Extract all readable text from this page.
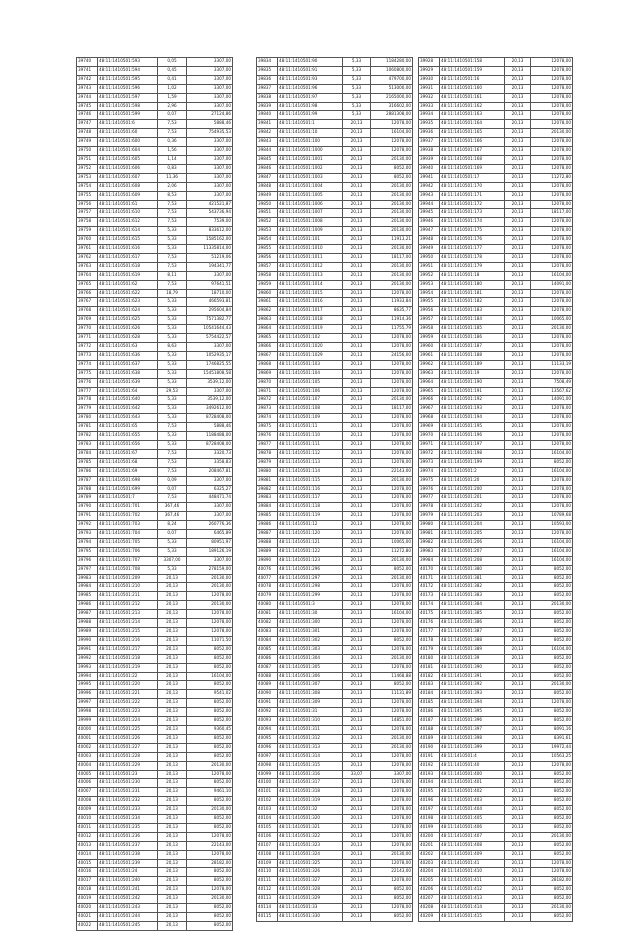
39740	48:11:1410501:593	0,05	3307,00
39741	48:11:1410501:594	0,45	3307,00
39742	48:11:1410501:595	0,41	3307,00
39743	48:11:1410501:596	1,02	3307,00
39744	48:11:1410501:597	1,59	3307,00
39745	48:11:1410501:598	2,96	3307,00
39746	48:11:1410501:599	0,07	27124,86
39747	48:11:1410501:6	7,53	5888,46
39748	48:11:1410501:60	7,53	754935,53
39749	48:11:1410501:600	0,36	3307,00
39750	48:11:1410501:604	1,56	3307,00
39751	48:11:1410501:605	1,14	3307,00
39752	48:11:1410501:606	0,83	3307,00
39753	48:11:1410501:607	11,36	3307,00
39754	48:11:1410501:608	2,06	3307,00
39755	48:11:1410501:609	8,53	3307,00
39756	48:11:1410501:61	7,53	421521,87
39757	48:11:1410501:610	7,53	543736,94
39758	48:11:1410501:612	7,53	7539,00
39759	48:11:1410501:614	5,33	833612,00
39760	48:11:1410501:615	5,33	1585162,00
39761	48:11:1410501:616	5,33	11335814,00
39762	48:11:1410501:617	7,53	51219,06
39763	48:11:1410501:618	7,53	194341,77
39764	48:11:1410501:619	8,11	3307,00
39765	48:11:1410501:62	7,53	97641,51
39766	48:11:1410501:622	18,79	18710,00
39767	48:11:1410501:623	5,33	466593,81
39768	48:11:1410501:624	5,33	295604,84
39769	48:11:1410501:625	5,33	7571382,77
39770	48:11:1410501:626	5,33	10541644,43
39771	48:11:1410501:628	5,33	5754422,57
39772	48:11:1410501:63	8,63	3307,00
39773	48:11:1410501:636	5,33	1052935,17
39774	48:11:1410501:637	5,33	1746825,55
39775	48:11:1410501:638	5,33	15451808,58
39776	48:11:1410501:639	5,33	3539,12,00
39777	48:11:1410501:64	29,53	3307,00
39778	48:11:1410501:640	5,33	3539,12,00
39779	48:11:1410501:642	5,33	3492612,00
39780	48:11:1410501:643	5,33	8728408,00
39781	48:11:1410501:65	7,53	5888,46
39782	48:11:1410501:655	5,33	1188488,00
39783	48:11:1410501:656	5,33	8728408,00
39784	48:11:1410501:67	7,53	3320,73
39785	48:11:1410501:68	7,53	3358,83
39786	48:11:1410501:69	7,53	208467,81
39787	48:11:1410501:698	0,09	3307,00
39788	48:11:1410501:699	0,07	6325,27
39789	48:11:1410501:7	7,53	448471,74
39790	48:11:1410501:701	367,46	3307,00
39791	48:11:1410501:702	367,46	3307,00
39792	48:11:1410501:703	8,24	260776,36
39793	48:11:1410501:704	0,07	6465,89
39794	48:11:1410501:705	5,33	80951,97
39795	48:11:1410501:706	5,33	189126,19
39796	48:11:1410501:707	3307,00	3307,00
39797	48:11:1410501:708	5,33	278159,00
39983	48:11:1410501:209	20,13	20130,00
39984	48:11:1410501:210	20,13	20130,00
39985	48:11:1410501:211	20,13	12078,00
39986	48:11:1410501:212	20,13	20130,00
39987	48:11:1410501:213	20,13	12078,00
39988	48:11:1410501:214	20,13	12078,00
39989	48:11:1410501:215	20,13	12078,00
39990	48:11:1410501:216	20,13	11071,50
39991	48:11:1410501:217	20,13	8052,00
39992	48:11:1410501:218	20,13	8052,00
39993	48:11:1410501:219	20,13	8052,00
39994	48:11:1410501:22	20,13	16104,00
39995	48:11:1410501:220	20,13	8052,00
39996	48:11:1410501:221	20,13	9541,02
39997	48:11:1410501:222	20,13	8052,00
39998	48:11:1410501:223	20,13	8052,00
39999	48:11:1410501:224	20,13	8052,00
40000	48:11:1410501:225	20,13	9360,45
40001	48:11:1410501:226	20,13	8052,00
40002	48:11:1410501:227	20,13	8052,00
40003	48:11:1410501:228	20,13	8052,00
40004	48:11:1410501:229	20,13	20130,00
40005	48:11:1410501:23	20,13	12078,00
40006	48:11:1410501:230	20,13	8052,00
40007	48:11:1410501:231	20,13	9461,10
40008	48:11:1410501:232	20,13	8052,00
40009	48:11:1410501:233	20,13	20130,00
40010	48:11:1410501:234	20,13	8052,00
40011	48:11:1410501:235	20,13	8052,00
40012	48:11:1410501:236	20,13	12078,00
40013	48:11:1410501:237	20,13	22143,00
40014	48:11:1410501:238	20,13	12078,00
40015	48:11:1410501:239	20,13	28182,00
40016	48:11:1410501:24	20,13	8052,00
40017	48:11:1410501:240	20,13	8052,00
40018	48:11:1410501:241	20,13	12078,00
40019	48:11:1410501:242	20,13	20130,00
40020	48:11:1410501:243	20,13	8052,00
40021	48:11:1410501:244	20,13	8052,00
40022	48:11:1410501:245	20,13	8052,00
39834	48:11:1410501:90	5,33	1184280,00
39835	48:11:1410501:91	5,33	1060800,00
39836	48:11:1410501:93	5,33	479700,00
39837	48:11:1410501:96	5,33	513000,00
39838	48:11:1410501:97	5,33	2165000,00
39839	48:11:1410501:98	5,33	316602,00
39840	48:11:1410501:99	5,33	2881308,00
39841	48:11:1410501:1	20,13	12078,00
39842	48:11:1410501:10	20,13	16104,00
39843	48:11:1410501:100	20,13	12078,00
39844	48:11:1410501:1000	20,13	12078,00
39845	48:11:1410501:1001	20,13	20130,00
39846	48:11:1410501:1002	20,13	8052,00
39847	48:11:1410501:1003	20,13	8052,00
39848	48:11:1410501:1004	20,13	20130,00
39849	48:11:1410501:1005	20,13	20130,00
39850	48:11:1410501:1006	20,13	20130,00
39851	48:11:1410501:1007	20,13	20130,00
39852	48:11:1410501:1008	20,13	20130,00
39853	48:11:1410501:1009	20,13	20130,00
39854	48:11:1410501:101	20,13	11913,21
39855	48:11:1410501:1010	20,13	20130,00
39856	48:11:1410501:1011	20,13	18117,00
39857	48:11:1410501:1012	20,13	20130,00
39858	48:11:1410501:1013	20,13	20130,00
39859	48:11:1410501:1014	20,13	20130,00
39860	48:11:1410501:1015	20,13	12078,00
39861	48:11:1410501:1016	20,13	11933,84
39862	48:11:1410501:1017	20,13	8635,77
39863	48:11:1410501:1018	20,13	11914,36
39864	48:11:1410501:1019	20,13	11755,79
39865	48:11:1410501:102	20,13	12078,00
39866	48:11:1410501:1020	20,13	12078,00
39867	48:11:1410501:1029	20,13	24156,00
39868	48:11:1410501:103	20,13	12078,00
39869	48:11:1410501:104	20,13	12078,00
39870	48:11:1410501:105	20,13	12078,00
39871	48:11:1410501:106	20,13	12078,00
39872	48:11:1410501:107	20,13	20130,00
39873	48:11:1410501:108	20,13	18117,00
39874	48:11:1410501:109	20,13	12078,00
39875	48:11:1410501:11	20,13	12078,00
39876	48:11:1410501:110	20,13	12078,00
39877	48:11:1410501:111	20,13	12078,00
39878	48:11:1410501:112	20,13	12078,00
39879	48:11:1410501:113	20,13	12078,00
39880	48:11:1410501:114	20,13	22143,00
39881	48:11:1410501:115	20,13	20130,00
39882	48:11:1410501:116	20,13	12078,00
39883	48:11:1410501:117	20,13	12078,00
39884	48:11:1410501:118	20,13	12078,00
39885	48:11:1410501:119	20,13	12078,00
39886	48:11:1410501:12	20,13	12078,00
39887	48:11:1410501:120	20,13	12078,00
39888	48:11:1410501:121	20,13	10065,00
39889	48:11:1410501:122	20,13	11272,80
39890	48:11:1410501:123	20,13	20130,00
40076	48:11:1410501:296	20,13	8052,00
40077	48:11:1410501:297	20,13	20130,00
40078	48:11:1410501:298	20,13	12078,00
40079	48:11:1410501:299	20,13	12078,00
40080	48:11:1410501:3	20,13	12078,00
40081	48:11:1410501:30	20,13	16104,00
40082	48:11:1410501:300	20,13	12078,00
40083	48:11:1410501:301	20,13	12078,00
40084	48:11:1410501:302	20,13	8052,00
40085	48:11:1410501:303	20,13	12078,00
40086	48:11:1410501:304	20,13	20130,00
40087	48:11:1410501:305	20,13	12078,00
40088	48:11:1410501:306	20,13	11468,88
40089	48:11:1410501:307	20,13	8052,00
40090	48:11:1410501:308	20,13	11131,89
40091	48:11:1410501:309	20,13	12078,00
40092	48:11:1410501:31	20,13	12078,00
40093	48:11:1410501:310	20,13	14851,00
40094	48:11:1410501:311	20,13	12078,00
40095	48:11:1410501:312	20,13	20130,00
40096	48:11:1410501:313	20,13	20130,00
40097	48:11:1410501:314	20,13	12078,00
40098	48:11:1410501:315	20,13	12078,00
40099	48:11:1410501:316	33,07	3307,00
40100	48:11:1410501:317	20,13	12078,00
40101	48:11:1410501:318	20,13	12078,00
40102	48:11:1410501:319	20,13	12078,00
40103	48:11:1410501:32	20,13	12078,00
40104	48:11:1410501:320	20,13	12078,00
40105	48:11:1410501:321	20,13	12078,00
40106	48:11:1410501:322	20,13	12078,00
40107	48:11:1410501:323	20,13	12078,00
40108	48:11:1410501:324	20,13	20130,00
40109	48:11:1410501:325	20,13	12078,00
40110	48:11:1410501:326	20,13	22143,00
40111	48:11:1410501:327	20,13	12078,00
40112	48:11:1410501:328	20,13	8052,00
40113	48:11:1410501:329	20,13	8052,00
40114	48:11:1410501:33	20,13	12078,00
40115	48:11:1410501:330	20,13	8052,00
39928	48:11:1410501:158	20,13	12078,00
39929	48:11:1410501:159	20,13	12078,00
39930	48:11:1410501:16	20,13	12078,00
39931	48:11:1410501:160	20,13	12078,00
39932	48:11:1410501:161	20,13	12078,00
39933	48:11:1410501:162	20,13	12078,00
39934	48:11:1410501:163	20,13	12078,00
39935	48:11:1410501:164	20,13	12078,00
39936	48:11:1410501:165	20,13	20130,00
39937	48:11:1410501:166	20,13	12078,00
39938	48:11:1410501:167	20,13	12078,00
39939	48:11:1410501:168	20,13	12078,00
39940	48:11:1410501:169	20,13	12078,00
39941	48:11:1410501:17	20,13	11272,80
39942	48:11:1410501:170	20,13	12078,00
39943	48:11:1410501:171	20,13	12078,00
39944	48:11:1410501:172	20,13	12078,00
39945	48:11:1410501:173	20,13	18117,00
39946	48:11:1410501:174	20,13	12078,00
39947	48:11:1410501:175	20,13	12078,00
39948	48:11:1410501:176	20,13	12078,00
39949	48:11:1410501:177	20,13	12078,00
39950	48:11:1410501:178	20,13	12078,00
39951	48:11:1410501:179	20,13	12078,00
39952	48:11:1410501:18	20,13	16104,00
39953	48:11:1410501:180	20,13	14091,00
39954	48:11:1410501:181	20,13	12078,00
39955	48:11:1410501:182	20,13	12078,00
39956	48:11:1410501:183	20,13	12078,00
39957	48:11:1410501:184	20,13	10065,00
39958	48:11:1410501:185	20,13	20130,00
39959	48:11:1410501:186	20,13	12078,00
39960	48:11:1410501:187	20,13	12078,00
39961	48:11:1410501:188	20,13	12078,00
39962	48:11:1410501:189	20,13	11133,19
39963	48:11:1410501:19	20,13	12078,00
39964	48:11:1410501:190	20,13	7508,49
39965	48:11:1410501:191	20,13	13567,62
39966	48:11:1410501:192	20,13	14091,00
39967	48:11:1410501:193	20,13	12078,00
39968	48:11:1410501:194	20,13	12078,00
39969	48:11:1410501:195	20,13	12078,00
39970	48:11:1410501:196	20,13	12078,00
39971	48:11:1410501:197	20,13	12078,00
39972	48:11:1410501:198	20,13	16104,00
39973	48:11:1410501:199	20,13	8052,00
39974	48:11:1410501:2	20,13	16104,00
39975	48:11:1410501:20	20,13	12078,00
39976	48:11:1410501:200	20,13	12078,00
39977	48:11:1410501:201	20,13	12078,00
39978	48:11:1410501:202	20,13	12078,00
39979	48:11:1410501:203	20,13	10789,68
39980	48:11:1410501:204	20,13	10593,00
39981	48:11:1410501:205	20,13	12078,00
39982	48:11:1410501:206	20,13	16104,00
39983	48:11:1410501:207	20,13	16104,00
39984	48:11:1410501:208	20,13	16104,00
40170	48:11:1410501:380	20,13	8052,00
40171	48:11:1410501:381	20,13	8052,00
40172	48:11:1410501:382	20,13	8052,00
40173	48:11:1410501:383	20,13	8052,00
40174	48:11:1410501:384	20,13	20130,00
40175	48:11:1410501:385	20,13	8052,00
40176	48:11:1410501:386	20,13	8052,00
40177	48:11:1410501:387	20,13	8052,00
40178	48:11:1410501:388	20,13	8052,00
40179	48:11:1410501:389	20,13	16104,00
40180	48:11:1410501:39	20,13	8052,00
40181	48:11:1410501:390	20,13	8052,00
40182	48:11:1410501:391	20,13	8052,00
40183	48:11:1410501:392	20,13	20130,00
40184	48:11:1410501:393	20,13	8052,00
40185	48:11:1410501:394	20,13	12078,00
40186	48:11:1410501:395	20,13	8052,00
40187	48:11:1410501:396	20,13	8052,00
40188	48:11:1410501:397	20,13	8091,16
40189	48:11:1410501:398	20,13	8391,61
40190	48:11:1410501:399	20,13	19972,44
40191	48:11:1410501:4	20,13	10563,25
40192	48:11:1410501:40	20,13	12078,00
40193	48:11:1410501:400	20,13	8052,00
40194	48:11:1410501:401	20,13	8052,00
40195	48:11:1410501:402	20,13	8052,00
40196	48:11:1410501:403	20,13	8052,00
40197	48:11:1410501:404	20,13	8052,00
40198	48:11:1410501:405	20,13	8052,00
40199	48:11:1410501:406	20,13	8052,00
40200	48:11:1410501:407	20,13	20130,00
40201	48:11:1410501:408	20,13	8052,00
40202	48:11:1410501:409	20,13	8052,00
40203	48:11:1410501:41	20,13	12078,00
40204	48:11:1410501:410	20,13	12078,00
40205	48:11:1410501:411	20,13	28182,00
40206	48:11:1410501:412	20,13	8052,00
40207	48:11:1410501:413	20,13	8052,00
40208	48:11:1410501:414	20,13	20130,00
40209	48:11:1410501:415	20,13	8052,00
